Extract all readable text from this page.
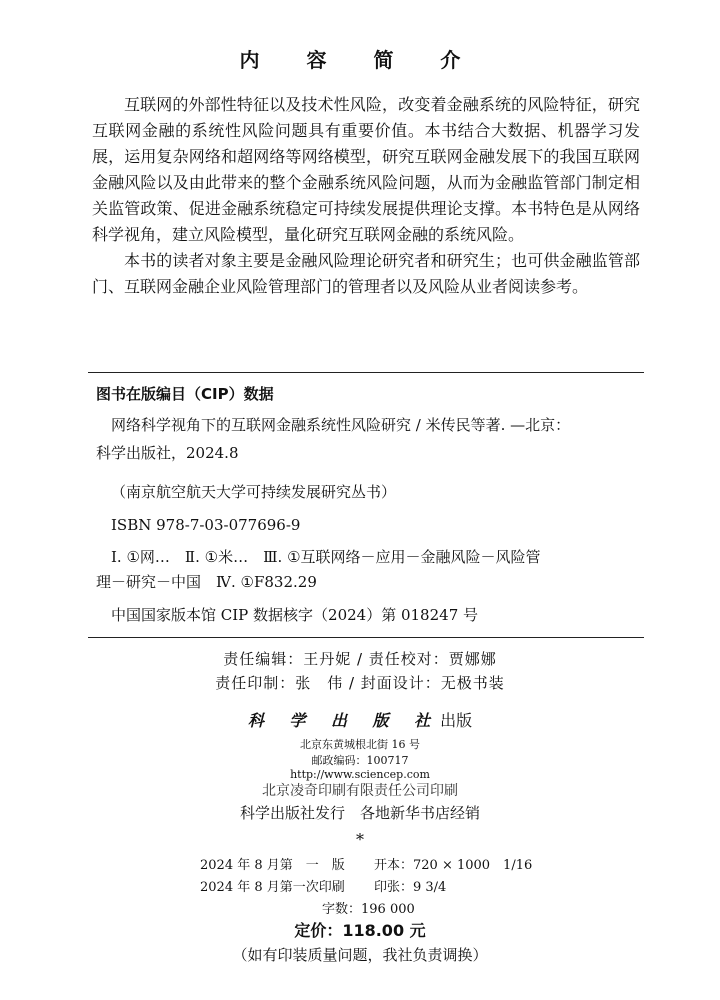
内 容 简 介

互联网的外部性特征以及技术性风险，改变着金融系统的风险特征，研究互联网金融的系统性风险问题具有重要价值。本书结合大数据、机器学习发展，运用复杂网络和超网络等网络模型，研究互联网金融发展下的我国互联网金融风险以及由此带来的整个金融系统风险问题，从而为金融监管部门制定相关监管政策、促进金融系统稳定可持续发展提供理论支撑。本书特色是从网络科学视角，建立风险模型，量化研究互联网金融的系统风险。

本书的读者对象主要是金融风险理论研究者和研究生；也可供金融监管部门、互联网金融企业风险管理部门的管理者以及风险从业者阅读参考。

图书在版编目（CIP）数据
网络科学视角下的互联网金融系统性风险研究 / 米传民等著. —北京：
科学出版社，2024.8
（南京航空航天大学可持续发展研究丛书）
ISBN 978-7-03-077696-9
Ⅰ. ①网…　Ⅱ. ①米…　Ⅲ. ①互联网络－应用－金融风险－风险管
理－研究－中国　Ⅳ. ①F832.29
中国国家版本馆 CIP 数据核字（2024）第 018247 号
责任编辑：王丹妮 / 责任校对：贾娜娜
责任印制：张　伟 / 封面设计：无极书装
科 学 出 版 社出版
北京东黄城根北街 16 号
邮政编码：100717
http://www.sciencep.com
北京凌奇印刷有限责任公司印刷
科学出版社发行　各地新华书店经销
*
2024 年 8 月第　一　版 开本：720 × 1000　1/16
2024 年 8 月第一次印刷 印张：9 3/4
字数：196 000
定价：118.00 元
（如有印装质量问题，我社负责调换）
